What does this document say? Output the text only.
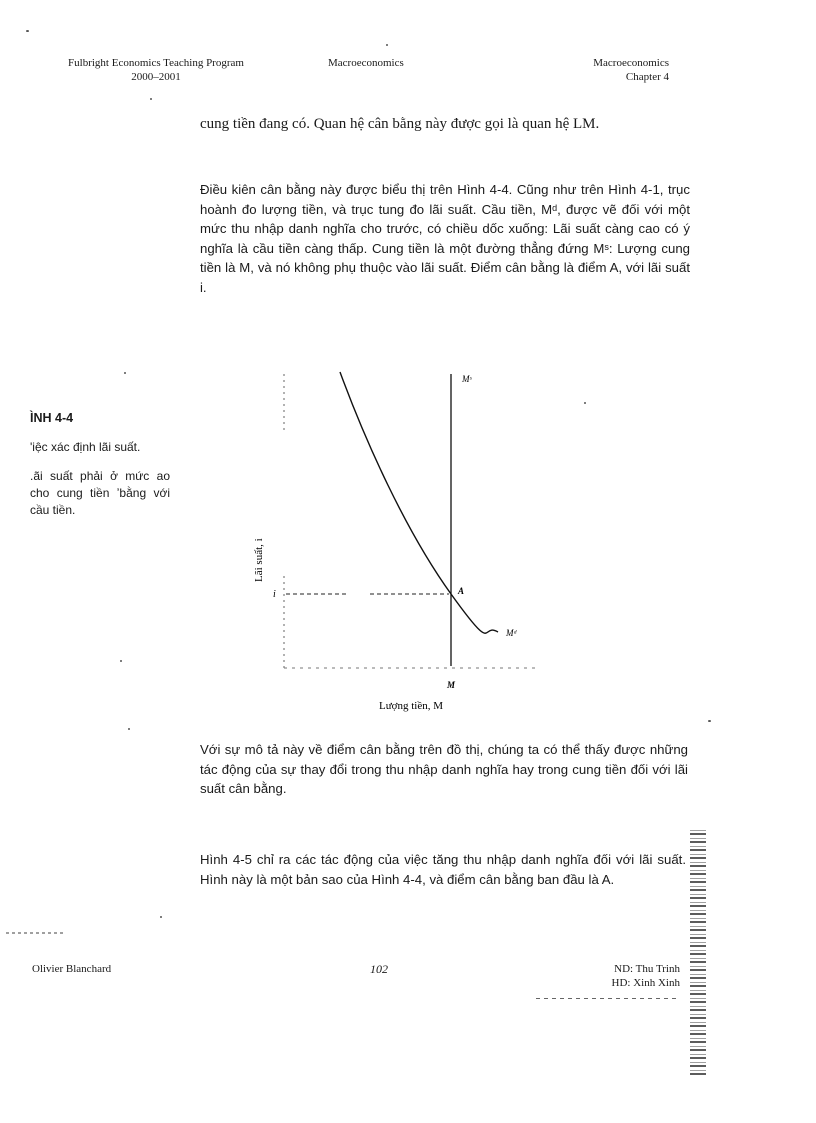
Fulbright Economics Teaching Program
2000–2001
Macroeconomics	Macroeconomics
Chapter 4
cung tiền đang có. Quan hệ cân bằng này được gọi là quan hệ LM.
Điều kiên cân bằng này được biểu thị trên Hình 4-4. Cũng như trên Hình 4-1, trục hoành đo lượng tiền, và trục tung đo lãi suất. Cầu tiền, Mᵈ, được vẽ đối với một mức thu nhập danh nghĩa cho trước, có chiều dốc xuống: Lãi suất càng cao có ý nghĩa là cầu tiền càng thấp. Cung tiền là một đường thẳng đứng Mˢ: Lượng cung tiền là M, và nó không phụ thuộc vào lãi suất. Điểm cân bằng là điểm A, với lãi suất i.
ÌNH 4-4
'iệc xác định lãi suất.
.ãi suất phải ở mức ao cho cung tiền ʼbằng với cầu tiền.
Mˢ
Mᵈ
A
i
M
Lãi suất, i
Lượng tiền, M
Với sự mô tả này về điểm cân bằng trên đồ thị, chúng ta có thể thấy được những tác động của sự thay đổi trong thu nhập danh nghĩa hay trong cung tiền đối với lãi suất cân bằng.
Hình 4-5 chỉ ra các tác động của việc tăng thu nhập danh nghĩa đối với lãi suất. Hình này là một bản sao của Hình 4-4, và điểm cân bằng ban đầu là A.
Olivier Blanchard	102	ND: Thu Trinh
HD: Xinh Xinh
